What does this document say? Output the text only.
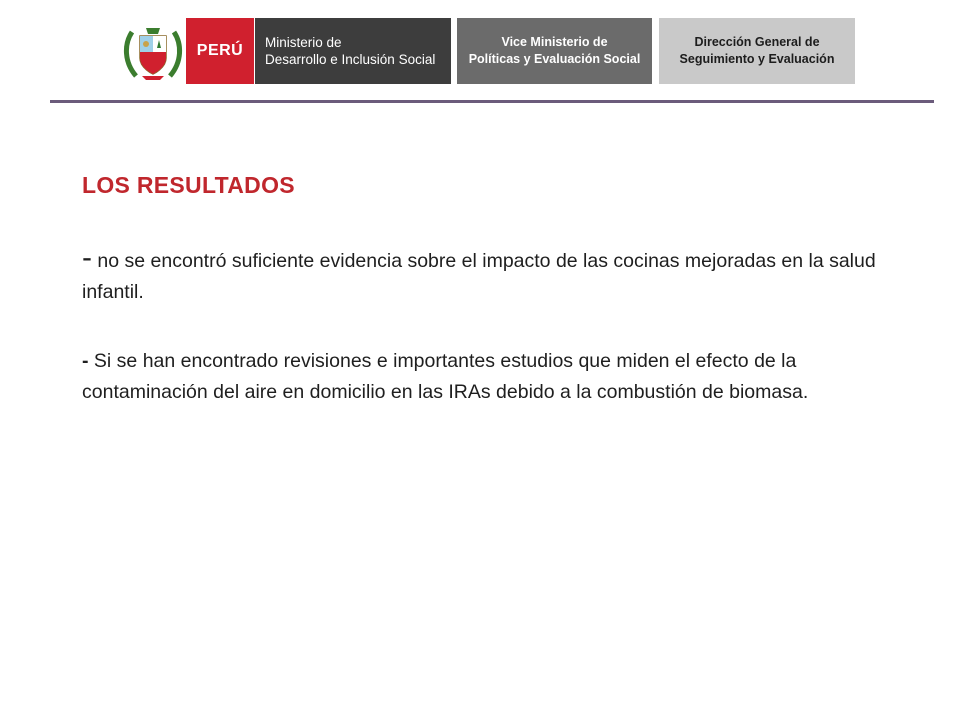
PERÚ Ministerio de
Desarrollo e Inclusión Social
Vice Ministerio de
Políticas y Evaluación Social
Dirección General de
Seguimiento y Evaluación
LOS RESULTADOS
- no se encontró suficiente evidencia sobre el impacto de las cocinas mejoradas en la salud infantil.
- Si se han encontrado revisiones e importantes estudios que miden el efecto de la contaminación del aire en domicilio en las IRAs debido a la combustión de biomasa.
